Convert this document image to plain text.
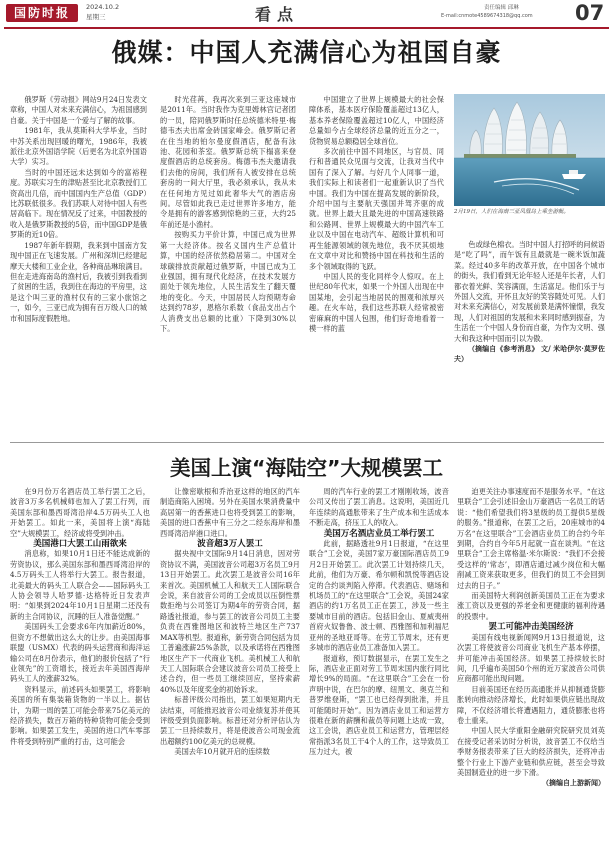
国防时报	2024.10.2
星期三	看点	责任编辑 邱琳
E-mail:cnmote4589674318@qq.com 07
俄媒：中国人充满信心为祖国自豪

俄罗斯《劳动报》网站9月24日发表文章称，中国人对未来充满信心，为祖国感到自豪。关于中国是一个爱与了解的故事。

1981年，我从莫斯科大学毕业，当时中苏关系出现回暖的曙光，1986年，我被派往北京外国语学院（后更名为北京外国语大学）实习。

当时的中国还远未达到如今的富裕程度。苏联实习生的津贴甚至比北京教授们工资高出几倍，而中国国内生产总值（GDP）比苏联低很多。我们苏联人对待中国人有些居高临下。现在情况反了过来，中国教授的收入是俄罗斯教授的5倍，而中国GDP是俄罗斯的近10倍。

1987年新年假期，我来到中国南方发现中国正在飞速发展。广州和深圳已经建起摩天大楼和工业企业，各种商品琳琅满目。但在走进海南岛的渔村后，我被引到我看到了贫困的生活，我到住在海边的平房里，这是这个叫三亚的渔村仅有的三家小旅馆之一，如今，三亚已成为拥有百万级人口的城市和国际度假胜地。

时光荏苒，我再次来到三亚这座城市是2011年。当时我作为克里姆林宫记者团的一员，陪同俄罗斯时任总统德米特里·梅德韦杰夫出席金砖国家峰会。俄罗斯记者在住当地的铂尔曼度假酒店，配备有泳池、花园和茶室。俄罗斯总统下榻喜来登度假酒店的总统套房。梅德韦杰夫邀请我们去他的房间，我们所有人被安排在总统套房的一间大厅里，我必须承认，我从未在任何地方见过如此奢华大气的酒店房间。尽管如此我已走过世界许多地方，能令是拥有的游客感到惊艳的三亚，大约25年前还是小渔村。

按购买力平价计算，中国已成为世界第一大经济体。按名义国内生产总值计算，中国的经济依然稳居第二。中国对全球碳排放贡献超过俄罗斯，中国已成为工业强国，拥有现代化经济，在技术发展方面处于领先地位，人民生活发生了翻天覆地的变化。今天，中国居民人均预期寿命达到约78岁，恩格尔系数（食品支出占个人消费支出总额的比重）下降到30%以下。

中国建立了世界上规模最大的社会保障体系，基本医疗保险覆盖超过13亿人，基本养老保险覆盖超过10亿人，中国经济总量如今占全球经济总量的近五分之一，货物贸易总额稳居全球首位。

多次前往中国不同地区，与官员、同行和普通民众见面与交流，让我对当代中国有了深入了解。与好几个人同事一道，我们实际上和读者们一起重新认识了当代中国。我们为中国在提高发展的新阶段，介绍中国与主要航天强国并驾齐驱的成就。世界上最大且最先进的中国高速铁路和公路网、世界上规模最大的中国汽车工业以及中国在电动汽车、超级计算机和可再生能源领域的领先地位，我不厌其烦地在文章中对比和赞扬中国在科技和生活的多个领域取得的飞跃。

中国人民的变化同样令人惊叹。在上世纪80年代末，如果一个外国人出现在中国某地，会引起当地居民的围观和浓厚兴趣。在火车站，我们这些苏联人经常被密密麻麻的中国人包围，他们好奇地看着一模一样的蓝

2月19日，人们在海南三亚凤凰岛上乘坐游艇。

色或绿色棉衣。当时中国人打招呼的问候语是“吃了吗”，而午饭有且最就是一碗米饭加蔬菜。经过40多年的改革开放，在中国各个城市的街头，我们看到无论年轻人还是年长者，人们都衣着光鲜、笑容满面，生活富足。他们乐于与外国人交流，开怀且友好的笑容随处可见。人们对未来充满信心，对发展前景是满怀憧憬，我发现，人们对祖国的发展和未来同时感到振奋，为生活在一个中国人身份而自豪，为作为文明、强大和我这种中国而引以为傲。

（摘编自《参考消息》 文/ 米哈伊尔·莫罗佐夫）

美国上演“海陆空”大规模罢工

在9月份万名酒店员工举行罢工之后，波音3万多名机械师也加入了罢工行列，而美国东部和墨西哥湾沿岸4.5万码头工人也开始罢工。如此一来，美国将上演“海陆空”大规模罢工，经济或将受到冲击。

美国港口大罢工山雨欲来

消息称，如果10月1日还不能达成新的劳资协议，那么美国东部和墨西哥湾沿岸的4.5万码头工人将举行大罢工。报告报道，北美最大的码头工人联合会——国际码头工人协会领导人哈罗德·达格特近日发表声明：“如果到2024年10月1日星期二还没有新的主合同协议，沉睡的巨人准备觉醒。”

美国码头工会要求6年内加薪近80%，但资方不想做出这么大的让步。由美国海事联盟（USMX）代表的码头运营商和海洋运输公司在8月份表示，他们的报价包括了“行业领先”的工资增长，接近去年美国西海岸码头工人的涨薪32%。

资料显示，前述码头如果罢工，将影响美国的所有集装箱货物的一半以上。据估计，为期一周的罢工可能会带来75亿美元的经济损失，数百万箱的特种货物可能会受到影响。如果罢工发生，美国的进口汽车零部件将受到特别严重的打击，这可能会

让像密歇根和乔治亚这样的地区的汽车制造商陷入困境。另外在美国水果消费量中高居第一的香蕉进口也将受到罢工的影响，美国的进口香蕉中有三分之二经东海岸和墨西哥湾沿岸港口进口。

波音超3万人罢工

据央视中文国际9月14日消息，因对劳资协议不满，美国波音公司超3万名员工9月13日开始罢工。此次罢工是波音公司16年来首次。美国机械工人和航天工人国际联合会说，来自波音公司的工会成员以压倒性票数拒绝与公司签订为期4年的劳资合同，据路透社报道，参与罢工的波音公司员工主要负责在西雅图地区和波特兰地区生产737 MAX等机型。报道称，新劳资合同包括为员工普遍涨薪25%条款，以及承诺将在西雅图地区生产下一代商业飞机。美机械工人和航天工人国际联合会建议波音公司员工接受上述合约，但一些员工继续回应，坚持索薪40%以及年度奖金的初始诉求。

标普评级公司指出，罢工如果短期内无法结束，可能推迟波音公司业绩复苏并使其评级受到负面影响。标普还对分析评估认为罢工一旦持续数月，将是使波音公司现金流出超额约100亿美元的总规模。

美国去年10月就开启的连续数

周的汽车行业的罢工才刚刚收场，波音公司又传出了罢工消息。这说明，美国近几年连续的高通胀带来了生产成本和生活成本不断走高，挤压工人的收入。

美国万名酒店业员工举行罢工

此前，据路透社9月1日报道，“在这里联合”工会说，美国7家万豪国际酒店员工9月2日开始罢工。此次罢工计划持续几天，此前，他们为万豪、希尔顿和凯悦等酒店设定的合约谈判陷入停滞。代表酒店、赌场和机场员工的“在这里联合”工会说，美国24家酒店的约1万名员工正在罢工，涉及一些主要城市目前的酒店。包括旧金山、夏威夷州首府火奴鲁鲁、波士顿、西雅图和加利福尼亚州的圣地亚哥等。在劳工节周末，还有更多城市的酒店业员工准备加入罢工。

报道称，预订数据显示，在罢工发生之际，酒店业正面对劳工节周末国内旅行同比增长9%的局面。“在这里联合”工会在一份声明中说，在巴尔的摩、纽黑文、奥克兰和普罗维登斯，“罢工也已经得到批准，并且可能随时开始”。因为酒店业员工和运营方很难在新的薪酬和裁员等问题上达成一致，这工会说，酒店业员工和运营方，管理层经常指派3名员工干4个人的工作，这导致员工压力过大，被

迫更关注办事速度而不是服务水平。“在这里联合”工会引述旧金山万豪酒店一名员工的话说：“他们希望我们将3星级的员工提供5星级的服务。”报道称，在罢工之后，20座城市的4万名“在这里联合”工会酒店业员工的合约今年到期，合约自今年5月起就一直在谈判。“在这里联合”工会主席格温·米尔斯说：“我们不会接受这样的‘常态’，即酒店通过减少岗位和大幅削减工资来获取更多，但我们的员工不会回到过去的日子。”

而美国特大利润创新美国员工正在为要求涨工资以及更强的养老金和更健康的福利待遇的投票中。

罢工可能冲击美国经济

美国有线电视新闻网9月13日报道说，这次罢工将使波音公司商业飞机生产基本停摆，并可能冲击美国经济。如果罢工持续较长时间，几乎遍布美国50个州的近万家波音公司供应商都可能出现问题。

目前美国还在经历高通胀并从抑制通货膨胀转向推动经济增长，此时如果供应链出现故障，不仅经济增长将遭遇阻力，通货膨胀也将卷土重来。

中国人民大学重阳金融研究院研究员刘英在接受记者采访时分析说，波音罢工不仅给当季财务报表带来了巨大的经济损失，还将冲击整个行业上下游产业链和供应链，甚至会导致美国制造业的进一步下滑。

（摘编自上游新闻）
